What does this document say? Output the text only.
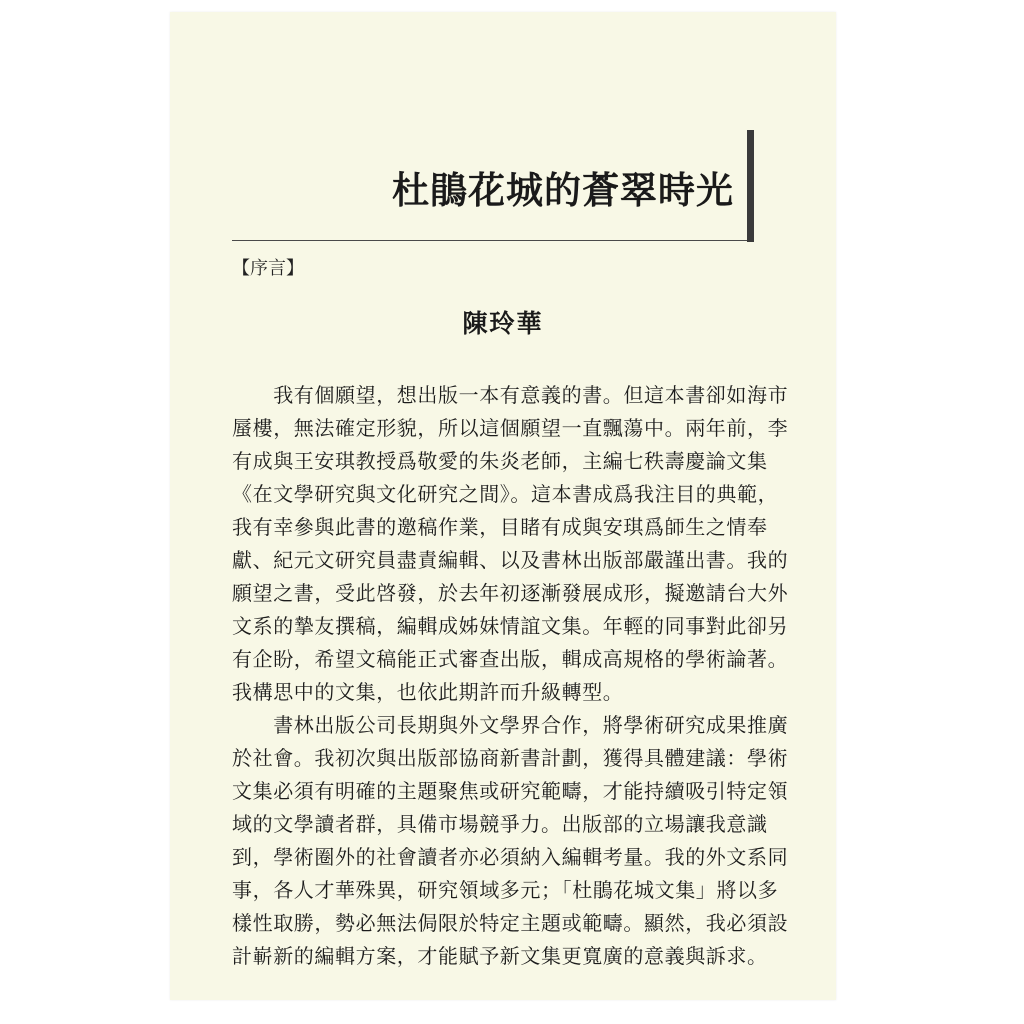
杜鵑花城的蒼翠時光
【序言】
陳玲華
　　我有個願望，想出版一本有意義的書。但這本書卻如海市
蜃樓，無法確定形貌，所以這個願望一直飄蕩中。兩年前，李
有成與王安琪教授爲敬愛的朱炎老師，主編七秩壽慶論文集
《在文學研究與文化研究之間》。這本書成爲我注目的典範，
我有幸參與此書的邀稿作業，目睹有成與安琪爲師生之情奉
獻、紀元文研究員盡責編輯、以及書林出版部嚴謹出書。我的
願望之書，受此啓發，於去年初逐漸發展成形，擬邀請台大外
文系的摯友撰稿，編輯成姊妹情誼文集。年輕的同事對此卻另
有企盼，希望文稿能正式審查出版，輯成高規格的學術論著。
我構思中的文集，也依此期許而升級轉型。
　　書林出版公司長期與外文學界合作，將學術研究成果推廣
於社會。我初次與出版部協商新書計劃，獲得具體建議：學術
文集必須有明確的主題聚焦或研究範疇，才能持續吸引特定領
域的文學讀者群，具備市場競爭力。出版部的立場讓我意識
到，學術圈外的社會讀者亦必須納入編輯考量。我的外文系同
事，各人才華殊異，研究領域多元；「杜鵑花城文集」將以多
樣性取勝，勢必無法侷限於特定主題或範疇。顯然，我必須設
計嶄新的編輯方案，才能賦予新文集更寬廣的意義與訴求。
